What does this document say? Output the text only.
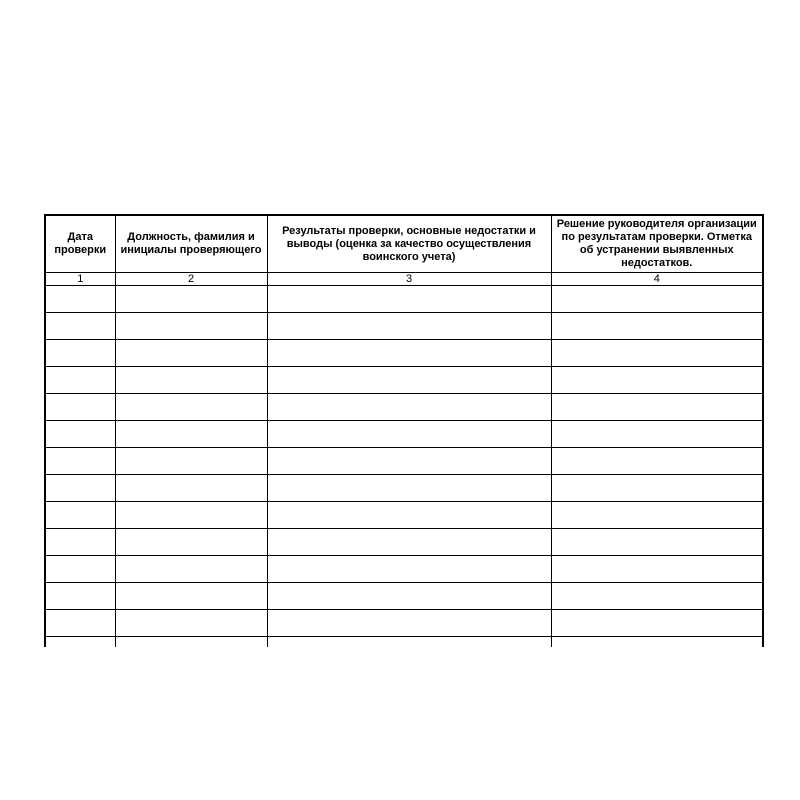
Дата проверки	Должность, фамилия и инициалы проверяющего	Результаты проверки, основные недостатки и выводы (оценка за качество осуществления воинского учета)	Решение руководителя организации по результатам проверки. Отметка об устранении выявленных недостатков.
1	2	3	4
